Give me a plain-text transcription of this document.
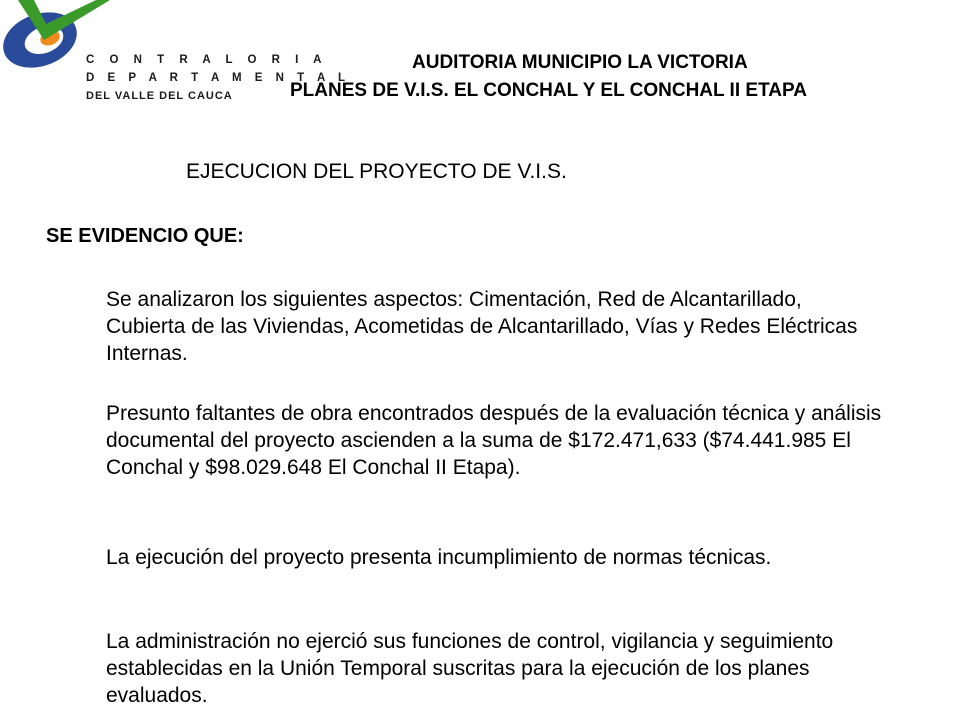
C O N T R A L O R I A
D E P A R T A M E N T A L
DEL VALLE DEL CAUCA
AUDITORIA MUNICIPIO LA VICTORIA
PLANES DE V.I.S. EL CONCHAL Y EL CONCHAL II ETAPA
EJECUCION DEL PROYECTO DE V.I.S.
SE EVIDENCIO QUE:
Se analizaron los siguientes aspectos: Cimentación, Red de Alcantarillado, Cubierta de las Viviendas, Acometidas de Alcantarillado, Vías y Redes Eléctricas Internas.
Presunto faltantes de obra encontrados después de la evaluación técnica y análisis documental del proyecto ascienden a la suma de $172.471,633 ($74.441.985 El Conchal y $98.029.648 El Conchal II Etapa).
La ejecución del proyecto presenta incumplimiento de normas técnicas.
La administración no ejerció sus funciones de control, vigilancia y seguimiento establecidas en la Unión Temporal suscritas para la ejecución de los planes evaluados.
